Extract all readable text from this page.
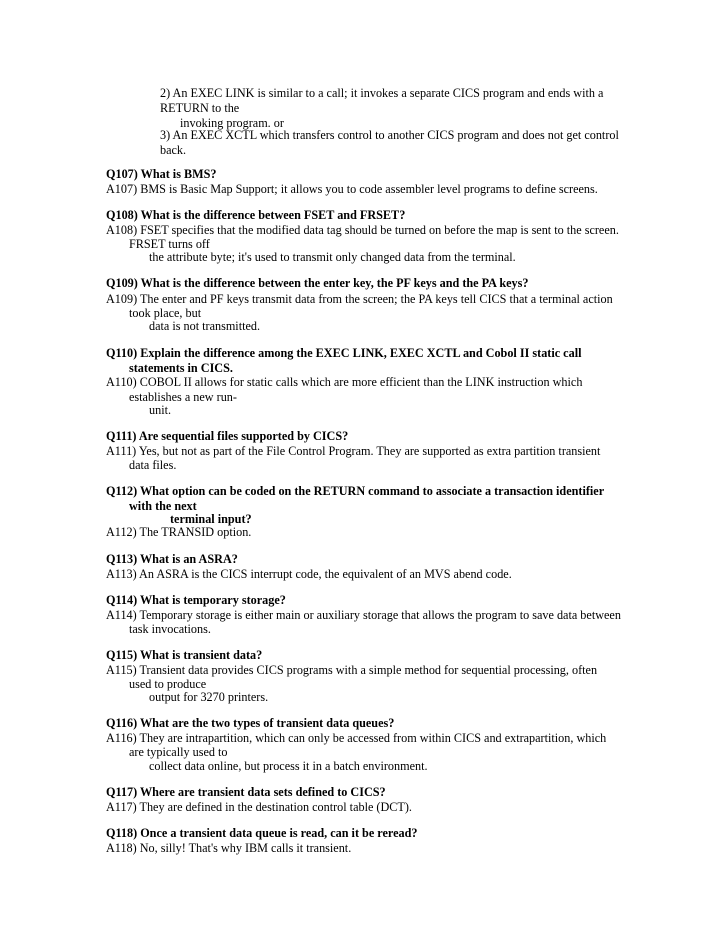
2) An EXEC LINK is similar to a call; it invokes a separate CICS program and ends with a
RETURN to the
invoking program. or
3) An EXEC XCTL which transfers control to another CICS program and does not get control
back.
Q107) What is BMS?
A107) BMS is Basic Map Support; it allows you to code assembler level programs to define screens.
Q108) What is the difference between FSET and FRSET?
A108) FSET specifies that the modified data tag should be turned on before the map is sent to the screen.
FRSET turns off
the attribute byte; it's used to transmit only changed data from the terminal.
Q109) What is the difference between the enter key, the PF keys and the PA keys?
A109) The enter and PF keys transmit data from the screen; the PA keys tell CICS that a terminal action
took place, but
data is not transmitted.
Q110) Explain the difference among the EXEC LINK, EXEC XCTL and Cobol II static call
statements in CICS.
A110) COBOL II allows for static calls which are more efficient than the LINK instruction which
establishes a new run-
unit.
Q111) Are sequential files supported by CICS?
A111) Yes, but not as part of the File Control Program. They are supported as extra partition transient
data files.
Q112) What option can be coded on the RETURN command to associate a transaction identifier
with the next
terminal input?
A112) The TRANSID option.
Q113) What is an ASRA?
A113) An ASRA is the CICS interrupt code, the equivalent of an MVS abend code.
Q114) What is temporary storage?
A114) Temporary storage is either main or auxiliary storage that allows the program to save data between
task invocations.
Q115) What is transient data?
A115) Transient data provides CICS programs with a simple method for sequential processing, often
used to produce
output for 3270 printers.
Q116) What are the two types of transient data queues?
A116) They are intrapartition, which can only be accessed from within CICS and extrapartition, which
are typically used to
collect data online, but process it in a batch environment.
Q117) Where are transient data sets defined to CICS?
A117) They are defined in the destination control table (DCT).
Q118) Once a transient data queue is read, can it be reread?
A118) No, silly! That's why IBM calls it transient.
